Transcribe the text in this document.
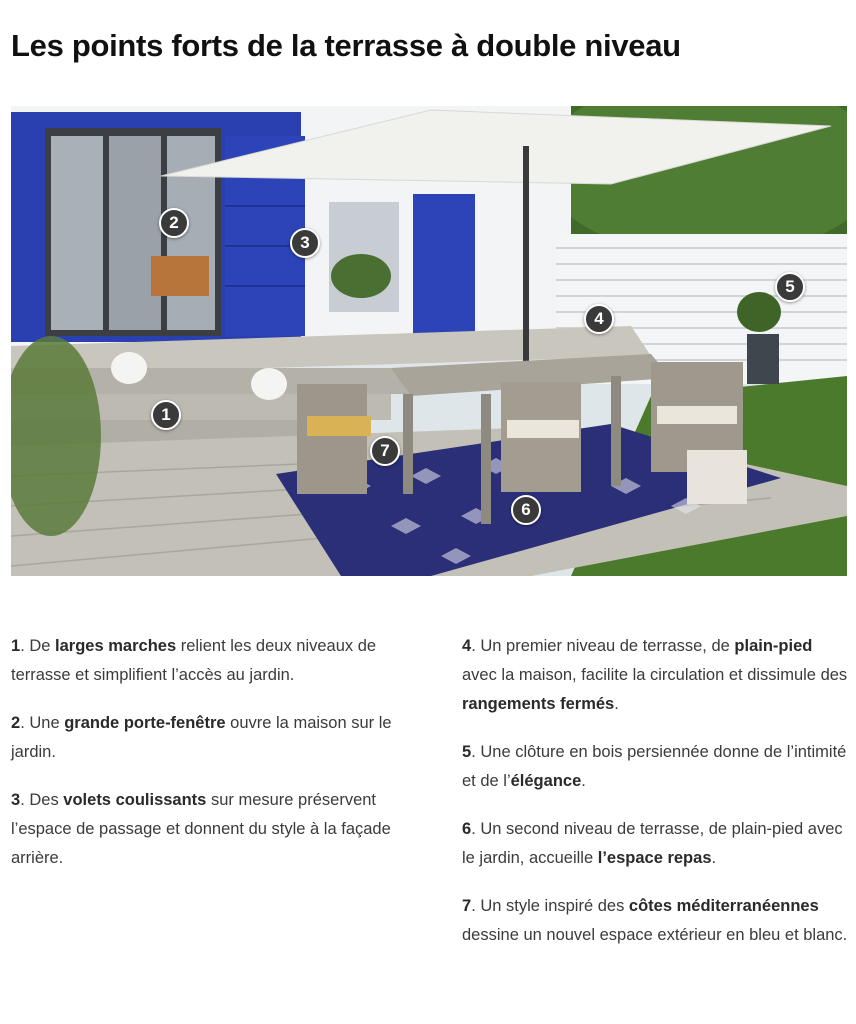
Les points forts de la terrasse à double niveau
1
2
3
4
5
6
7

1. De larges marches relient les deux niveaux de terrasse et simplifient l’accès au jardin.

2. Une grande porte-fenêtre ouvre la maison sur le jardin.

3. Des volets coulissants sur mesure préservent l’espace de passage et donnent du style à la façade arrière.

4. Un premier niveau de terrasse, de plain-pied avec la maison, facilite la circulation et dissimule des rangements fermés.

5. Une clôture en bois persiennée donne de l’intimité et de l’élégance.

6. Un second niveau de terrasse, de plain-pied avec le jardin, accueille l’espace repas.

7. Un style inspiré des côtes méditerranéennes dessine un nouvel espace extérieur en bleu et blanc.
